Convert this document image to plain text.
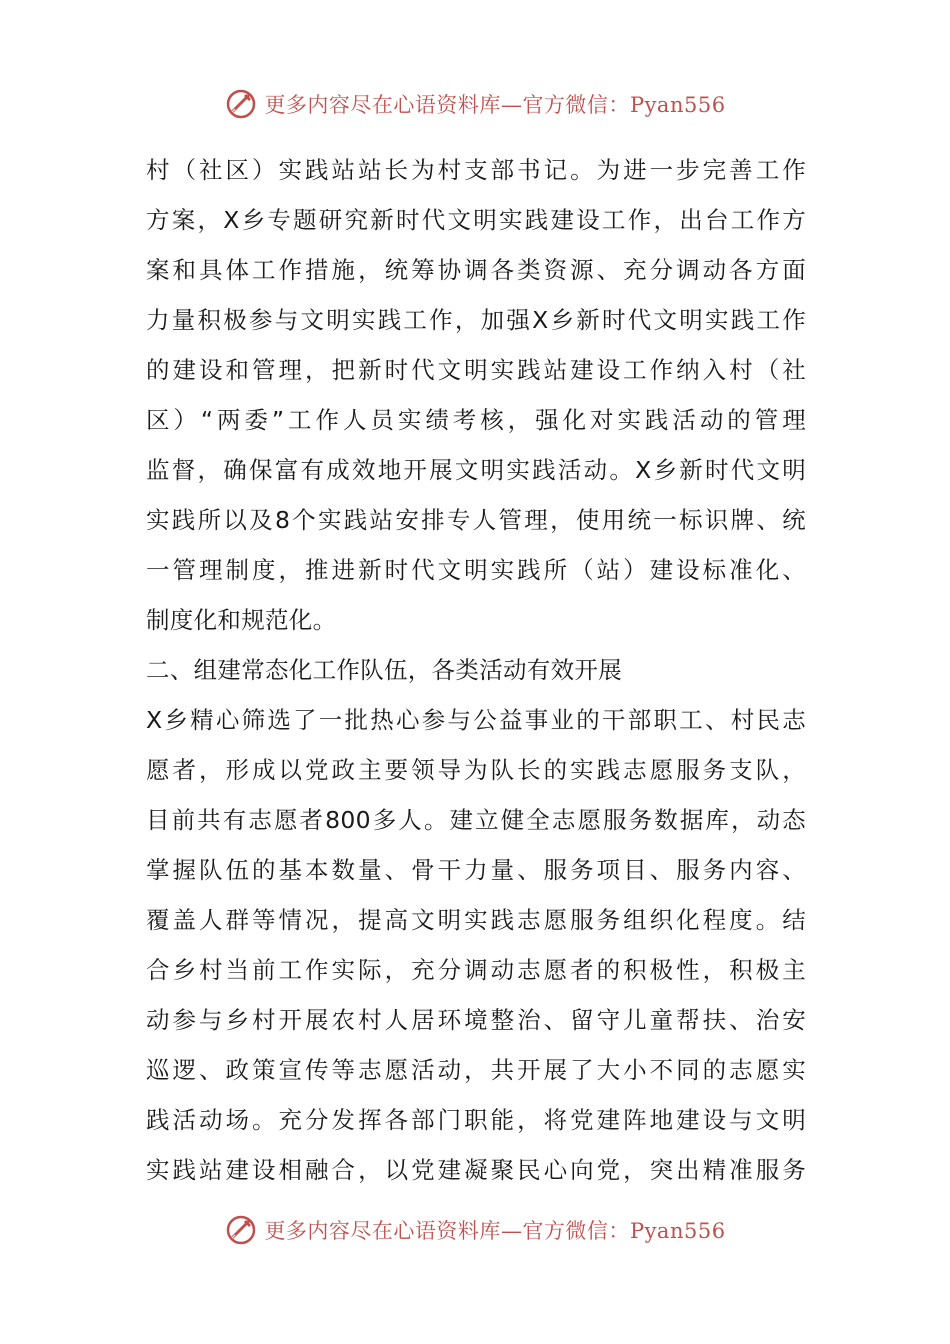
更多内容尽在心语资料库—官方微信：Pyan556
村（社区）实践站站长为村支部书记。为进一步完善工作
方案，X乡专题研究新时代文明实践建设工作，出台工作方
案和具体工作措施，统筹协调各类资源、充分调动各方面
力量积极参与文明实践工作，加强X乡新时代文明实践工作
的建设和管理，把新时代文明实践站建设工作纳入村（社
区）“两委”工作人员实绩考核，强化对实践活动的管理
监督，确保富有成效地开展文明实践活动。X乡新时代文明
实践所以及8个实践站安排专人管理，使用统一标识牌、统
一管理制度，推进新时代文明实践所（站）建设标准化、
制度化和规范化。
二、组建常态化工作队伍，各类活动有效开展
X乡精心筛选了一批热心参与公益事业的干部职工、村民志
愿者，形成以党政主要领导为队长的实践志愿服务支队，
目前共有志愿者800多人。建立健全志愿服务数据库，动态
掌握队伍的基本数量、骨干力量、服务项目、服务内容、
覆盖人群等情况，提高文明实践志愿服务组织化程度。结
合乡村当前工作实际，充分调动志愿者的积极性，积极主
动参与乡村开展农村人居环境整治、留守儿童帮扶、治安
巡逻、政策宣传等志愿活动，共开展了大小不同的志愿实
践活动场。充分发挥各部门职能，将党建阵地建设与文明
实践站建设相融合，以党建凝聚民心向党，突出精准服务
更多内容尽在心语资料库—官方微信：Pyan556
